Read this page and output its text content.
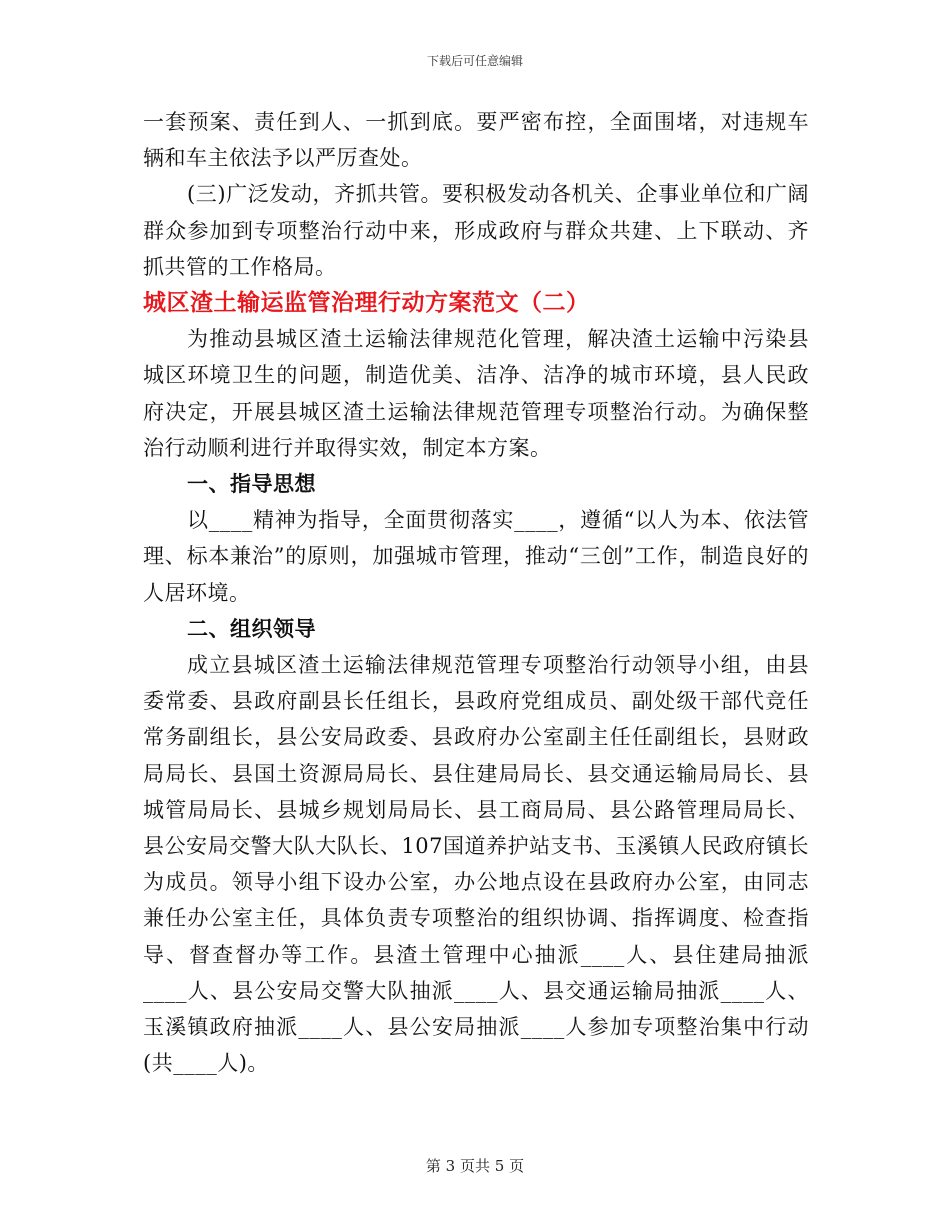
下载后可任意编辑

一套预案、责任到人、一抓到底。要严密布控，全面围堵，对违规车辆和车主依法予以严厉查处。

(三)广泛发动，齐抓共管。要积极发动各机关、企事业单位和广阔群众参加到专项整治行动中来，形成政府与群众共建、上下联动、齐抓共管的工作格局。

城区渣土输运监管治理行动方案范文（二）

为推动县城区渣土运输法律规范化管理，解决渣土运输中污染县城区环境卫生的问题，制造优美、洁净、洁净的城市环境，县人民政府决定，开展县城区渣土运输法律规范管理专项整治行动。为确保整治行动顺利进行并取得实效，制定本方案。

一、指导思想

以____精神为指导，全面贯彻落实____，遵循“以人为本、依法管理、标本兼治”的原则，加强城市管理，推动“三创”工作，制造良好的人居环境。

二、组织领导

成立县城区渣土运输法律规范管理专项整治行动领导小组，由县委常委、县政府副县长任组长，县政府党组成员、副处级干部代竞任常务副组长，县公安局政委、县政府办公室副主任任副组长，县财政局局长、县国土资源局局长、县住建局局长、县交通运输局局长、县城管局局长、县城乡规划局局长、县工商局局、县公路管理局局长、县公安局交警大队大队长、107国道养护站支书、玉溪镇人民政府镇长为成员。领导小组下设办公室，办公地点设在县政府办公室，由同志兼任办公室主任，具体负责专项整治的组织协调、指挥调度、检查指导、督查督办等工作。县渣土管理中心抽派____人、县住建局抽派____人、县公安局交警大队抽派____人、县交通运输局抽派____人、玉溪镇政府抽派____人、县公安局抽派____人参加专项整治集中行动(共____人)。

第 3 页共 5 页
